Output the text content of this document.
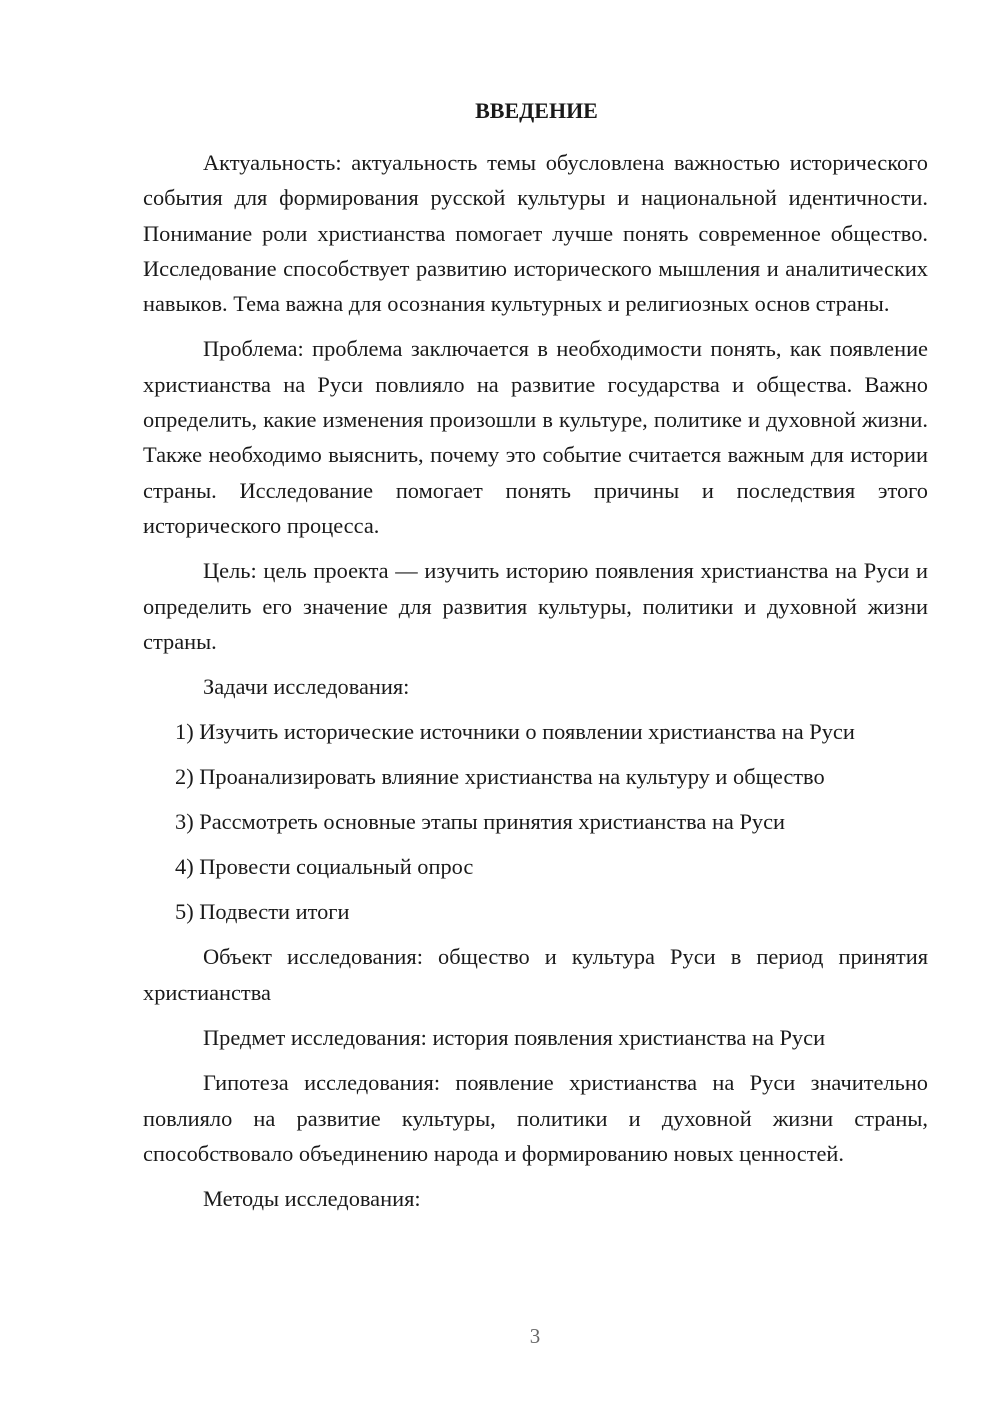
ВВЕДЕНИЕ
Актуальность: актуальность темы обусловлена важностью исторического события для формирования русской культуры и национальной идентичности. Понимание роли христианства помогает лучше понять современное общество. Исследование способствует развитию исторического мышления и аналитических навыков. Тема важна для осознания культурных и религиозных основ страны.
Проблема: проблема заключается в необходимости понять, как появление христианства на Руси повлияло на развитие государства и общества. Важно определить, какие изменения произошли в культуре, политике и духовной жизни. Также необходимо выяснить, почему это событие считается важным для истории страны. Исследование помогает понять причины и последствия этого исторического процесса.
Цель: цель проекта — изучить историю появления христианства на Руси и определить его значение для развития культуры, политики и духовной жизни страны.
Задачи исследования:
1) Изучить исторические источники о появлении христианства на Руси
2) Проанализировать влияние христианства на культуру и общество
3) Рассмотреть основные этапы принятия христианства на Руси
4) Провести социальный опрос
5) Подвести итоги
Объект исследования: общество и культура Руси в период принятия христианства
Предмет исследования: история появления христианства на Руси
Гипотеза исследования: появление христианства на Руси значительно повлияло на развитие культуры, политики и духовной жизни страны, способствовало объединению народа и формированию новых ценностей.
Методы исследования:
3
